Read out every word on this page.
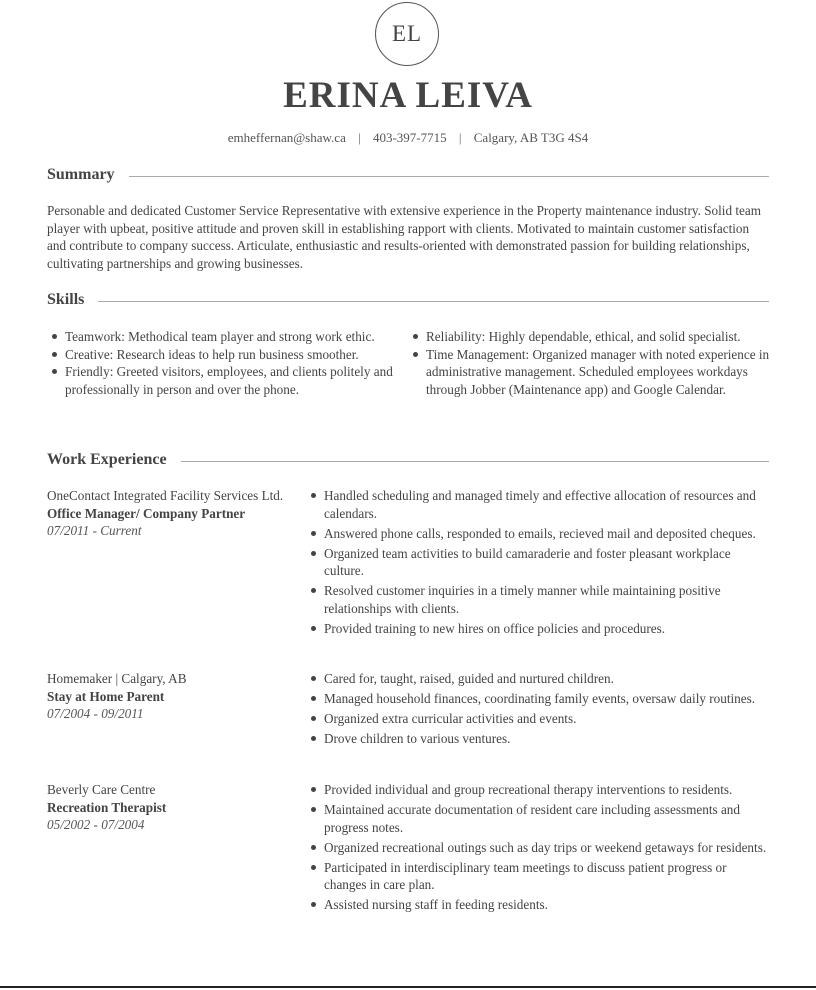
EL
ERINA LEIVA
emheffernan@shaw.ca | 403-397-7715 | Calgary, AB T3G 4S4
Summary

Personable and dedicated Customer Service Representative with extensive experience in the Property maintenance industry. Solid team player with upbeat, positive attitude and proven skill in establishing rapport with clients. Motivated to maintain customer satisfaction and contribute to company success. Articulate, enthusiastic and results-oriented with demonstrated passion for building relationships, cultivating partnerships and growing businesses.

Skills
Teamwork: Methodical team player and strong work ethic.
Creative: Research ideas to help run business smoother.
Friendly: Greeted visitors, employees, and clients politely and professionally in person and over the phone.
Reliability: Highly dependable, ethical, and solid specialist.
Time Management: Organized manager with noted experience in administrative management. Scheduled employees workdays through Jobber (Maintenance app) and Google Calendar.
Work Experience
OneContact Integrated Facility Services Ltd.
Office Manager/ Company Partner
07/2011 - Current
Handled scheduling and managed timely and effective allocation of resources and calendars.
Answered phone calls, responded to emails, recieved mail and deposited cheques.
Organized team activities to build camaraderie and foster pleasant workplace culture.
Resolved customer inquiries in a timely manner while maintaining positive relationships with clients.
Provided training to new hires on office policies and procedures.
Homemaker | Calgary, AB
Stay at Home Parent
07/2004 - 09/2011
Cared for, taught, raised, guided and nurtured children.
Managed household finances, coordinating family events, oversaw daily routines.
Organized extra curricular activities and events.
Drove children to various ventures.
Beverly Care Centre
Recreation Therapist
05/2002 - 07/2004
Provided individual and group recreational therapy interventions to residents.
Maintained accurate documentation of resident care including assessments and progress notes.
Organized recreational outings such as day trips or weekend getaways for residents.
Participated in interdisciplinary team meetings to discuss patient progress or changes in care plan.
Assisted nursing staff in feeding residents.
